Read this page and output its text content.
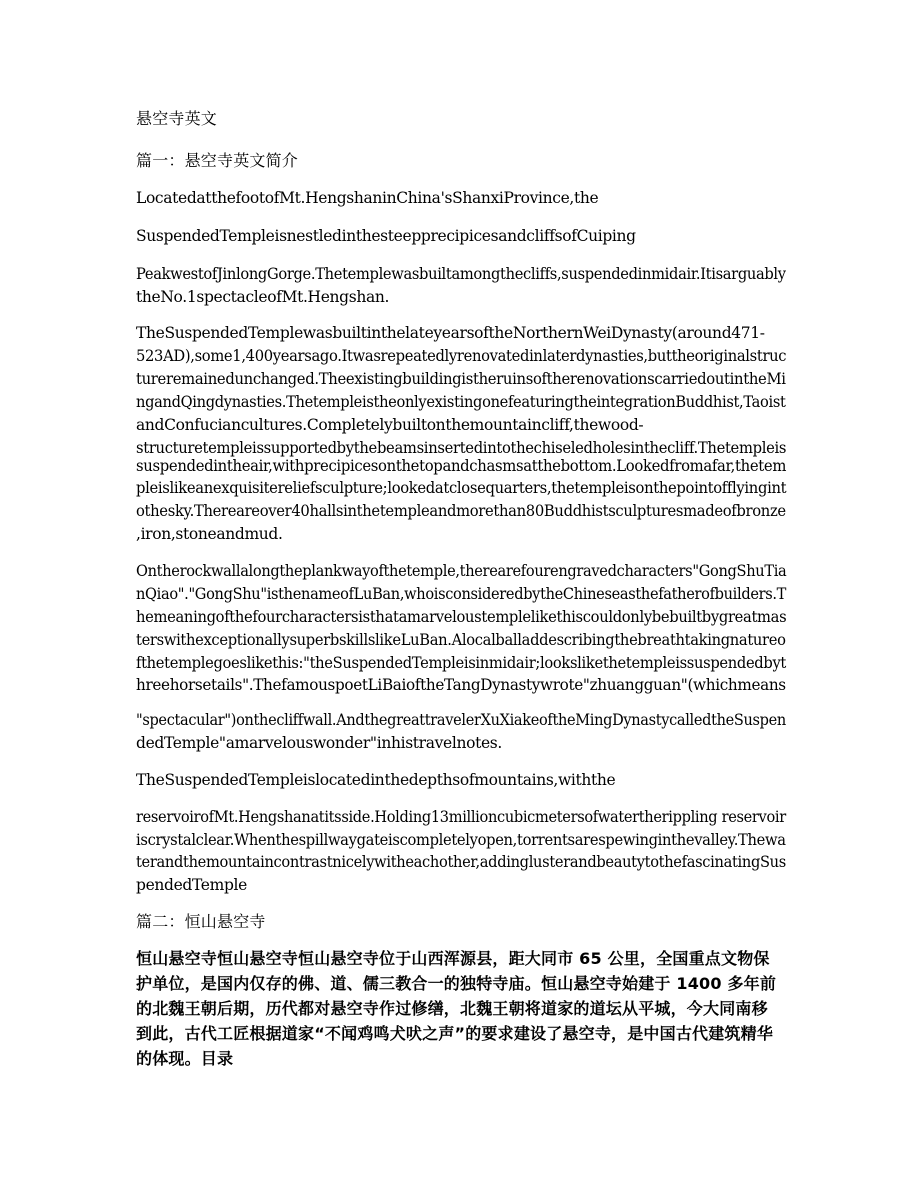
悬空寺英文
篇一：悬空寺英文简介
LocatedatthefootofMt.HengshaninChina'sShanxiProvince,the
SuspendedTempleisnestledinthesteepprecipicesandcliffsofCuiping
PeakwestofJinlongGorge.Thetemplewasbuiltamongthecliffs,suspendedinmidair.Itisarguably
theNo.1spectacleofMt.Hengshan.
TheSuspendedTemplewasbuiltinthelateyearsoftheNorthernWeiDynasty(around471-
523AD),some1,400yearsago.Itwasrepeatedlyrenovatedinlaterdynasties,buttheoriginalstruc
tureremainedunchanged.TheexistingbuildingistheruinsoftherenovationscarriedoutintheMi
ngandQingdynasties.ThetempleistheonlyexistingonefeaturingtheintegrationBuddhist,Taoist
andConfuciancultures.Completelybuiltonthemountaincliff,thewood-
structuretempleissupportedbythebeamsinsertedintothechiseledholesinthecliff.Thetempleis
suspendedintheair,withprecipicesonthetopandchasmsatthebottom.Lookedfromafar,thetem
pleislikeanexquisitereliefsculpture;lookedatclosequarters,thetempleisonthepointofflyingint
othesky.Thereareover40hallsinthetempleandmorethan80Buddhistsculpturesmadeofbronze
,iron,stoneandmud.
Ontherockwallalongtheplankwayofthetemple,therearefourengravedcharacters"GongShuTia
nQiao"."GongShu"isthenameofLuBan,whoisconsideredbytheChineseasthefatherofbuilders.T
hemeaningofthefourcharactersisthatamarveloustemplelikethiscouldonlybebuiltbygreatmas
terswithexceptionallysuperbskillslikeLuBan.Alocalballaddescribingthebreathtakingnatureo
fthetemplegoeslikethis:"theSuspendedTempleisinmidair;lookslikethetempleissuspendedbyt
hreehorsetails".ThefamouspoetLiBaioftheTangDynastywrote"zhuangguan"(whichmeans
"spectacular")onthecliffwall.AndthegreattravelerXuXiakeoftheMingDynastycalledtheSuspen
dedTemple"amarvelouswonder"inhistravelnotes.
TheSuspendedTempleislocatedinthedepthsofmountains,withthe
reservoirofMt.Hengshanatitsside.Holding13millioncubicmetersofwatertherippling reservoir
iscrystalclear.Whenthespillwaygateiscompletelyopen,torrentsarespewinginthevalley.Thewa
terandthemountaincontrastnicelywitheachother,addinglusterandbeautytothefascinatingSus
pendedTemple
篇二：恒山悬空寺
恒山悬空寺恒山悬空寺恒山悬空寺位于山西浑源县，距大同市 65 公里，全国重点文物保
护单位，是国内仅存的佛、道、儒三教合一的独特寺庙。恒山悬空寺始建于 1400 多年前
的北魏王朝后期，历代都对悬空寺作过修缮，北魏王朝将道家的道坛从平城，今大同南移
到此，古代工匠根据道家“不闻鸡鸣犬吠之声”的要求建设了悬空寺，是中国古代建筑精华
的体现。目录
